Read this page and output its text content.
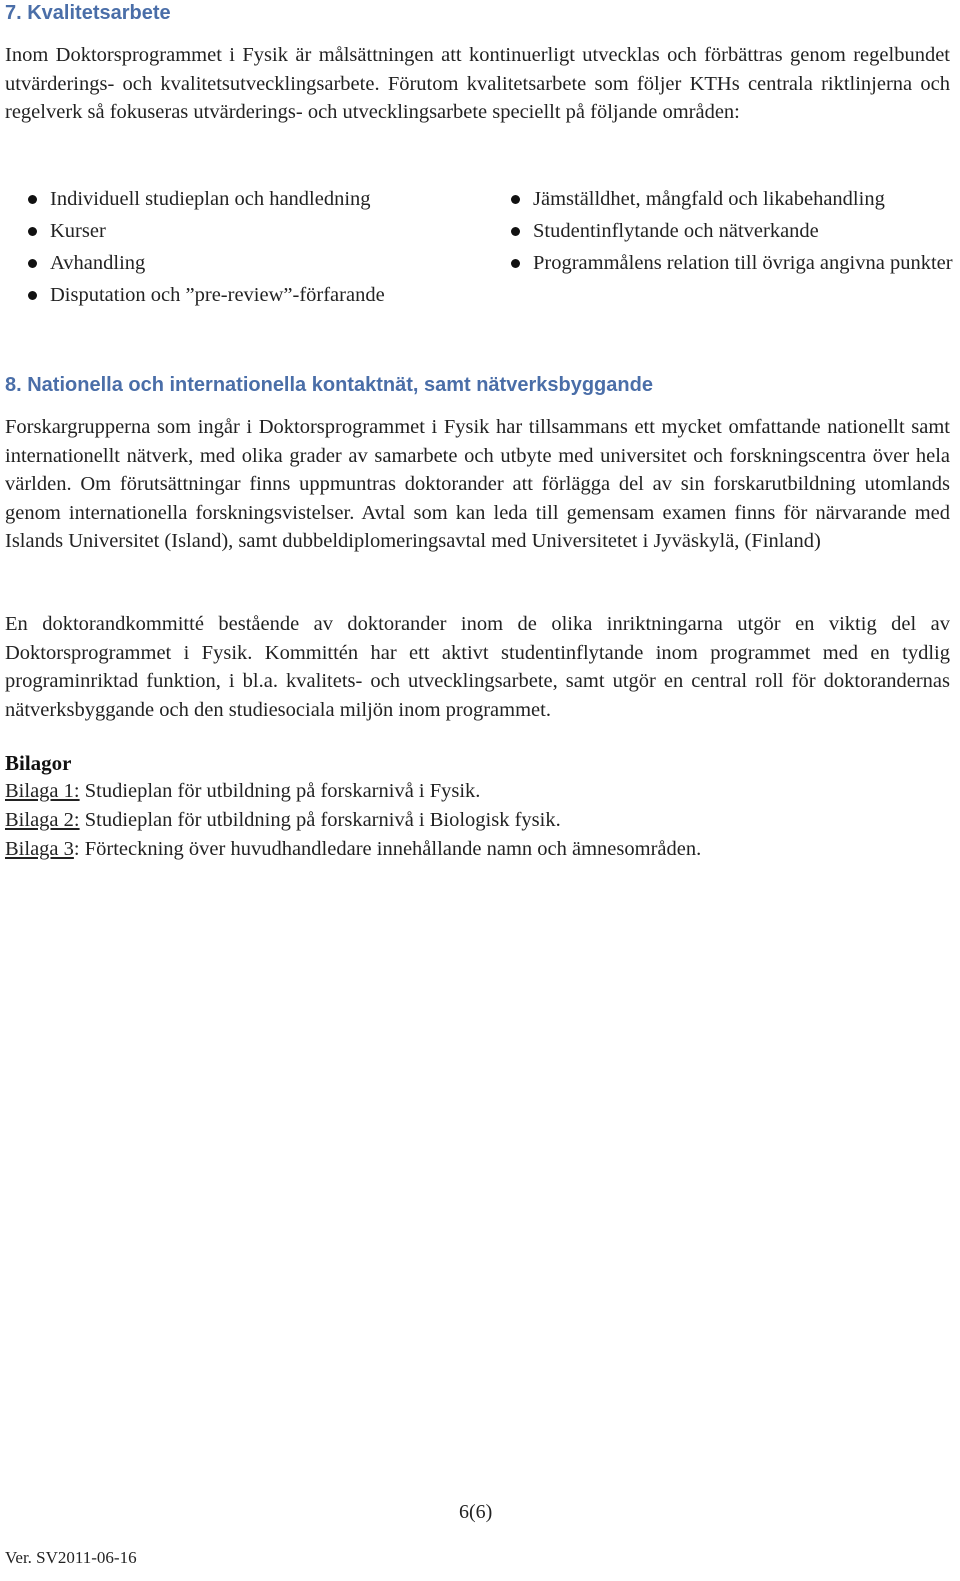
7. Kvalitetsarbete

Inom Doktorsprogrammet i Fysik är målsättningen att kontinuerligt utvecklas och förbättras genom regelbundet utvärderings- och kvalitetsutvecklingsarbete. Förutom kvalitetsarbete som följer KTHs centrala riktlinjerna och regelverk så fokuseras utvärderings- och utvecklingsarbete speciellt på följande områden:

Individuell studieplan och handledning
Kurser
Avhandling
Disputation och ”pre-review”-förfarande
Jämställdhet, mångfald och likabehandling
Studentinflytande och nätverkande
Programmålens relation till övriga angivna punkter
8. Nationella och internationella kontaktnät, samt nätverksbyggande

Forskargrupperna som ingår i Doktorsprogrammet i Fysik har tillsammans ett mycket omfattande nationellt samt internationellt nätverk, med olika grader av samarbete och utbyte med universitet och forskningscentra över hela världen. Om förutsättningar finns uppmuntras doktorander att förlägga del av sin forskarutbildning utomlands genom internationella forskningsvistelser. Avtal som kan leda till gemensam examen finns för närvarande med Islands Universitet (Island), samt dubbeldiplomeringsavtal med Universitetet i Jyväskylä, (Finland)

En doktorandkommitté bestående av doktorander inom de olika inriktningarna utgör en viktig del av Doktorsprogrammet i Fysik. Kommittén har ett aktivt studentinflytande inom programmet med en tydlig programinriktad funktion, i bl.a. kvalitets- och utvecklingsarbete, samt utgör en central roll för doktorandernas nätverksbyggande och den studiesociala miljön inom programmet.

Bilagor

Bilaga 1: Studieplan för utbildning på forskarnivå i Fysik.

Bilaga 2: Studieplan för utbildning på forskarnivå i Biologisk fysik.

Bilaga 3: Förteckning över huvudhandledare innehållande namn och ämnesområden.

6(6)
Ver. SV2011-06-16
